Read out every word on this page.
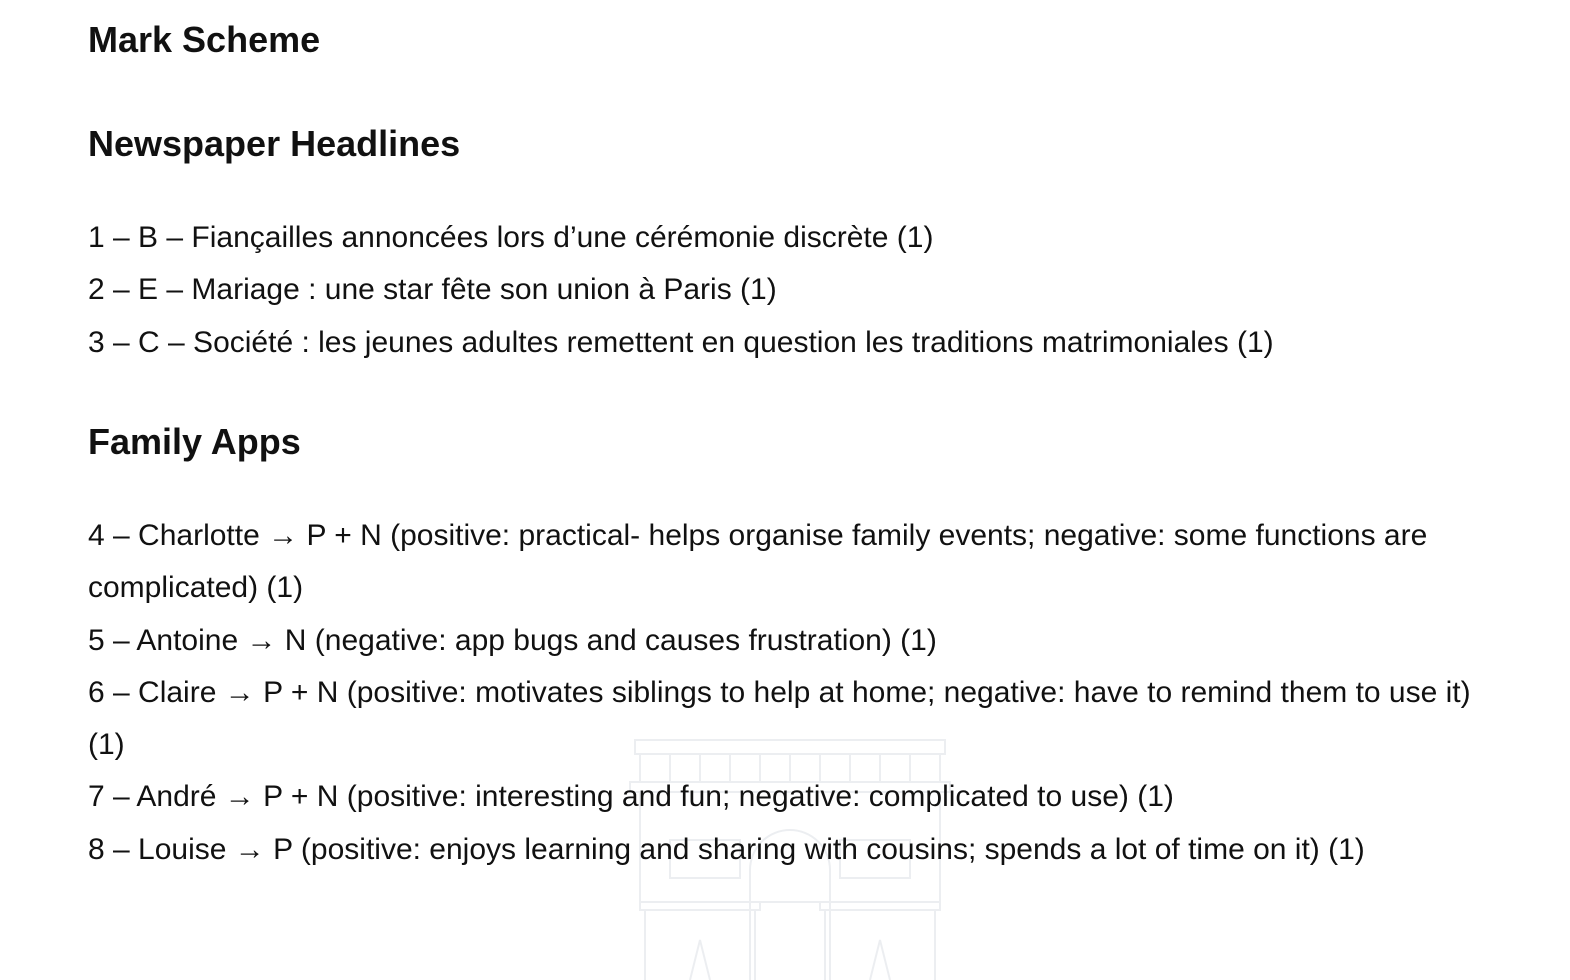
Mark Scheme
Newspaper Headlines

1 – B – Fiançailles annoncées lors d’une cérémonie discrète (1)

2 – E – Mariage : une star fête son union à Paris (1)

3 – C – Société : les jeunes adultes remettent en question les traditions matrimoniales (1)

Family Apps

4 – Charlotte → P + N (positive: practical- helps organise family events; negative: some functions are complicated) (1)

5 – Antoine → N (negative: app bugs and causes frustration) (1)

6 – Claire → P + N (positive: motivates siblings to help at home; negative: have to remind them to use it) (1)

7 – André → P + N (positive: interesting and fun; negative: complicated to use) (1)

8 – Louise → P (positive: enjoys learning and sharing with cousins; spends a lot of time on it) (1)
